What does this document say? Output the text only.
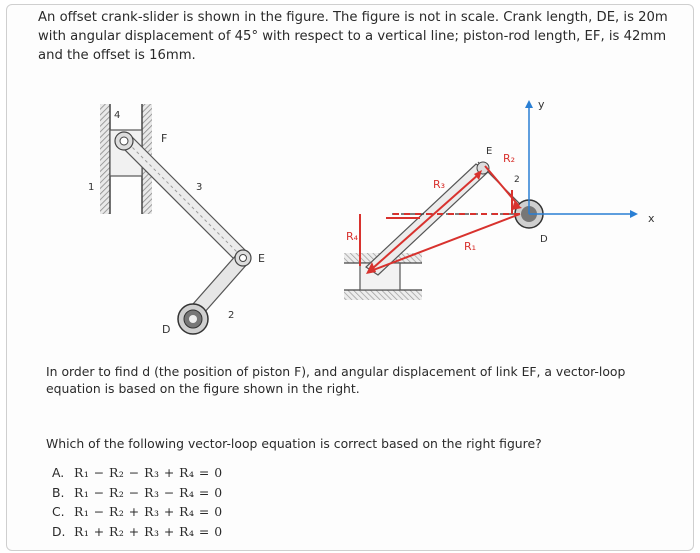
An offset crank-slider is shown in the figure. The figure is not in scale. Crank length, DE, is 20m with angular displacement of 45° with respect to a vertical line; piston-rod length, EF, is 42mm and the offset is 16mm.
4
F
1	3
E
2
D
y
x
R₃
R₂
R₁
R₄
E
D
2
In order to find d (the position of piston F), and angular displacement of link EF, a vector-loop equation is based on the figure shown in the right.
Which of the following vector-loop equation is correct based on the right figure?
A. R₁ − R₂ − R₃ + R₄ = 0
B. R₁ − R₂ − R₃ − R₄ = 0
C. R₁ − R₂ + R₃ + R₄ = 0
D. R₁ + R₂ + R₃ + R₄ = 0
